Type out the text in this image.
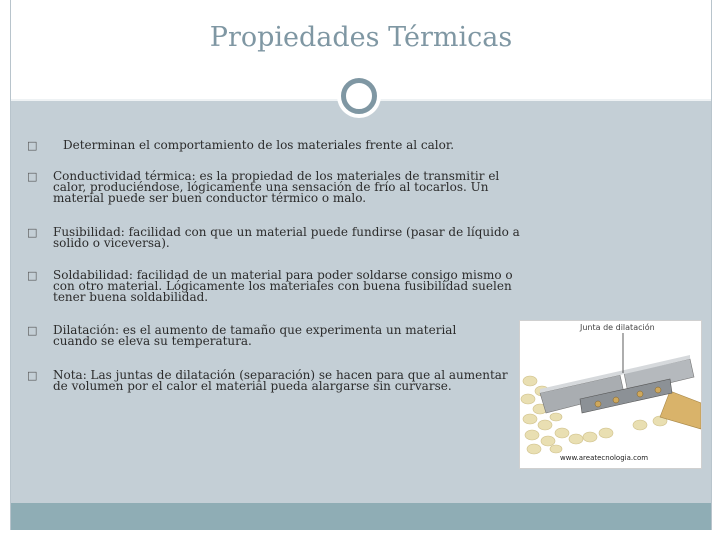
Propiedades Térmicas
□ Determinan el comportamiento de los materiales frente al calor.
□ Conductividad térmica: es la propiedad de los materiales de transmitir el calor, produciéndose, lógicamente una sensación de frío al tocarlos. Un material puede ser buen conductor térmico o malo.
□ Fusibilidad: facilidad con que un material puede fundirse (pasar de líquido a solido o viceversa).
□ Soldabilidad: facilidad de un material para poder soldarse consigo mismo o con otro material. Lógicamente los materiales con buena fusibilidad suelen tener buena soldabilidad.
□ Dilatación: es el aumento de tamaño que experimenta un material cuando se eleva su temperatura.
□ Nota: Las juntas de dilatación (separación) se hacen para que al aumentar de volumen por el calor el material pueda alargarse sin curvarse.
Junta de dilatación
www.areatecnologia.com
